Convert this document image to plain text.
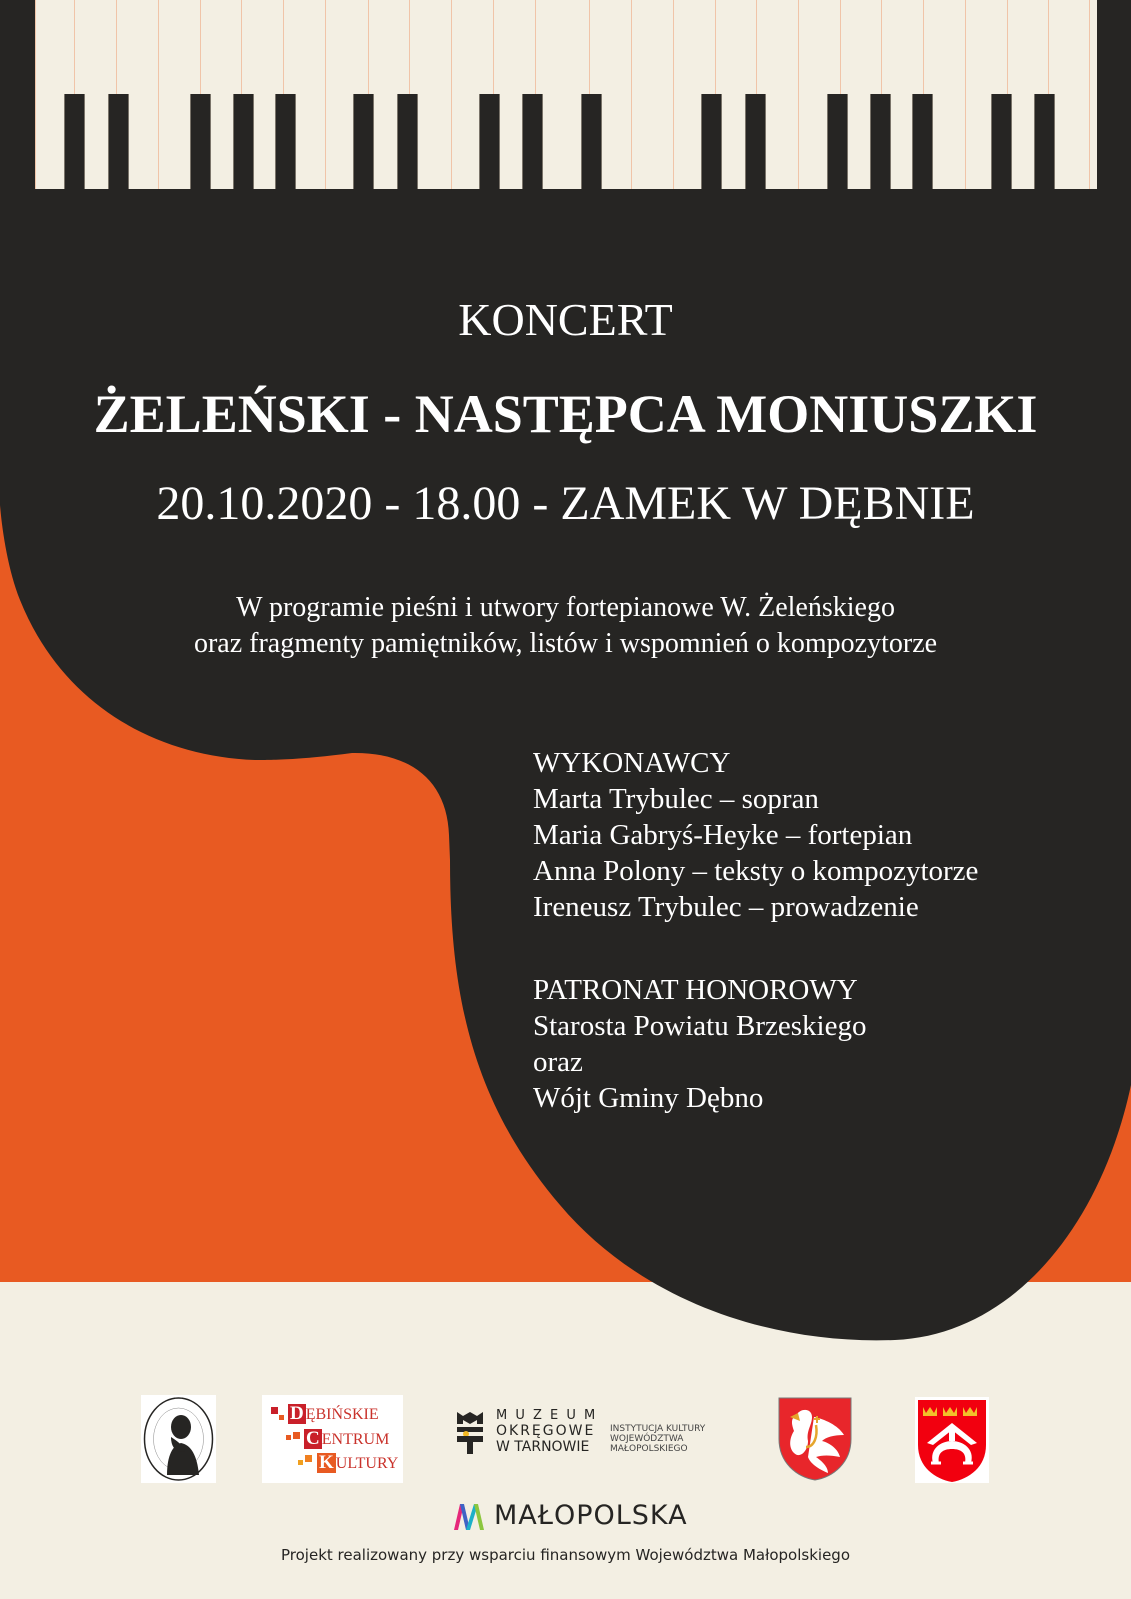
KONCERT
ŻELEŃSKI - NASTĘPCA MONIUSZKI
20.10.2020 - 18.00 - ZAMEK W DĘBNIE
W programie pieśni i utwory fortepianowe W. Żeleńskiego
oraz fragmenty pamiętników, listów i wspomnień o kompozytorze
WYKONAWCY
Marta Trybulec – sopran
Maria Gabryś-Heyke – fortepian
Anna Polony – teksty o kompozytorze
Ireneusz Trybulec – prowadzenie
PATRONAT HONOROWY
Starosta Powiatu Brzeskiego
oraz
Wójt Gminy Dębno
D ĘBIŃSKIE
C ENTRUM
K ULTURY
M U Z E U M
OKRĘGOWE
W TARNOWIE
INSTYTUCJA KULTURY
WOJEWÓDZTWA
MAŁOPOLSKIEGO
MAŁOPOLSKA
Projekt realizowany przy wsparciu finansowym Województwa Małopolskiego
